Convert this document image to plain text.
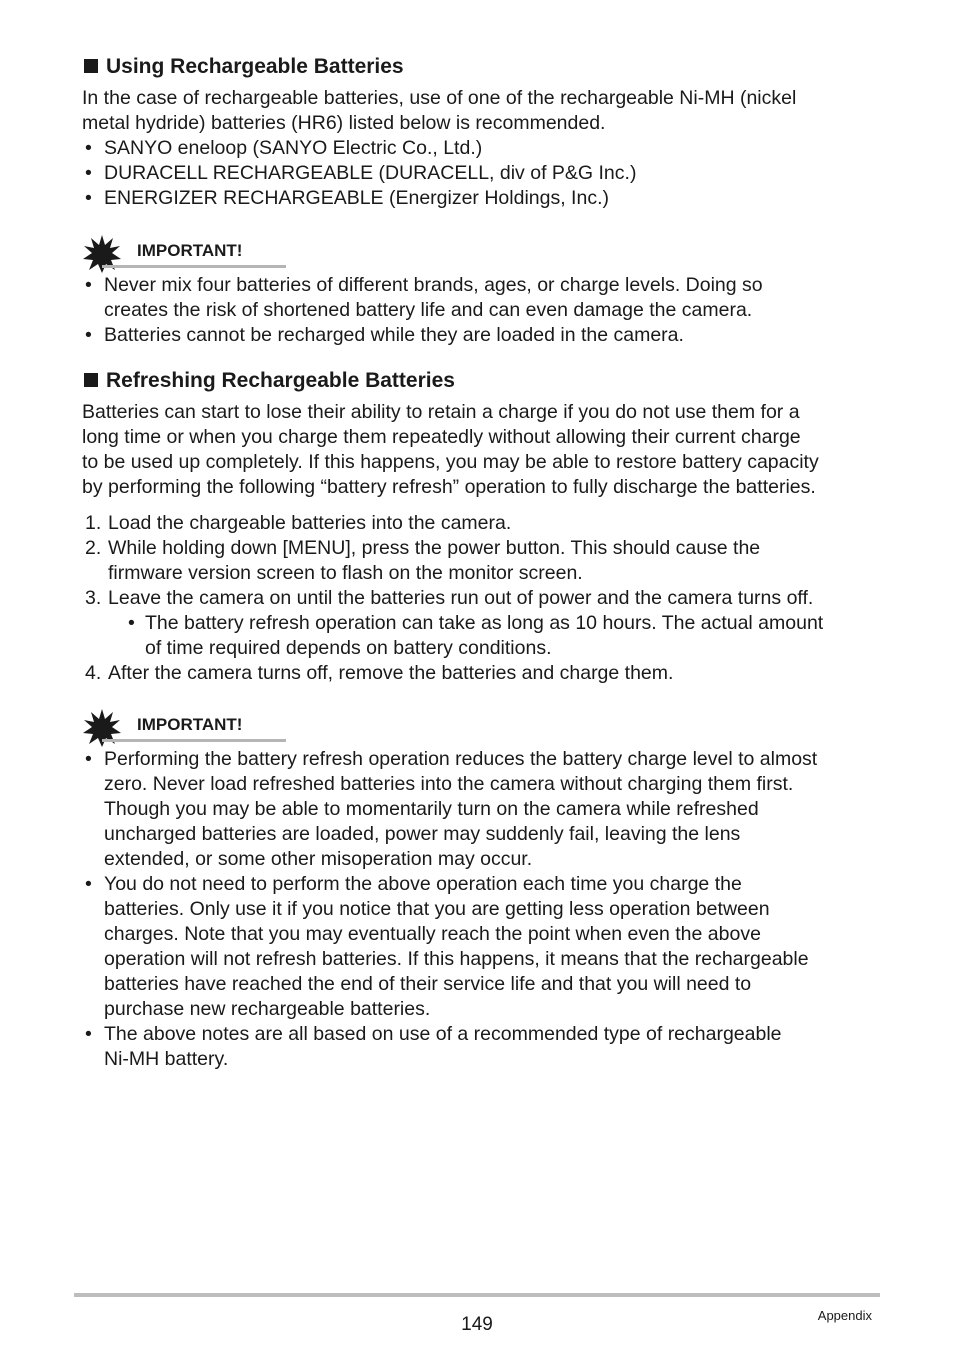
Using Rechargeable Batteries

In the case of rechargeable batteries, use of one of the rechargeable Ni-MH (nickel

metal hydride) batteries (HR6) listed below is recommended.

• SANYO eneloop (SANYO Electric Co., Ltd.)
• DURACELL RECHARGEABLE (DURACELL, div of P&G Inc.)
• ENERGIZER RECHARGEABLE (Energizer Holdings, Inc.)
IMPORTANT!
• Never mix four batteries of different brands, ages, or charge levels. Doing so
creates the risk of shortened battery life and can even damage the camera.
• Batteries cannot be recharged while they are loaded in the camera.
Refreshing Rechargeable Batteries

Batteries can start to lose their ability to retain a charge if you do not use them for a

long time or when you charge them repeatedly without allowing their current charge

to be used up completely. If this happens, you may be able to restore battery capacity

by performing the following “battery refresh” operation to fully discharge the batteries.

1. Load the chargeable batteries into the camera.
2. While holding down [MENU], press the power button. This should cause the
firmware version screen to flash on the monitor screen.
3. Leave the camera on until the batteries run out of power and the camera turns off.
• The battery refresh operation can take as long as 10 hours. The actual amount
of time required depends on battery conditions.
4. After the camera turns off, remove the batteries and charge them.
IMPORTANT!
• Performing the battery refresh operation reduces the battery charge level to almost
zero. Never load refreshed batteries into the camera without charging them first.
Though you may be able to momentarily turn on the camera while refreshed
uncharged batteries are loaded, power may suddenly fail, leaving the lens
extended, or some other misoperation may occur.
• You do not need to perform the above operation each time you charge the
batteries. Only use it if you notice that you are getting less operation between
charges. Note that you may eventually reach the point when even the above
operation will not refresh batteries. If this happens, it means that the rechargeable
batteries have reached the end of their service life and that you will need to
purchase new rechargeable batteries.
• The above notes are all based on use of a recommended type of rechargeable
Ni-MH battery.
149	Appendix
